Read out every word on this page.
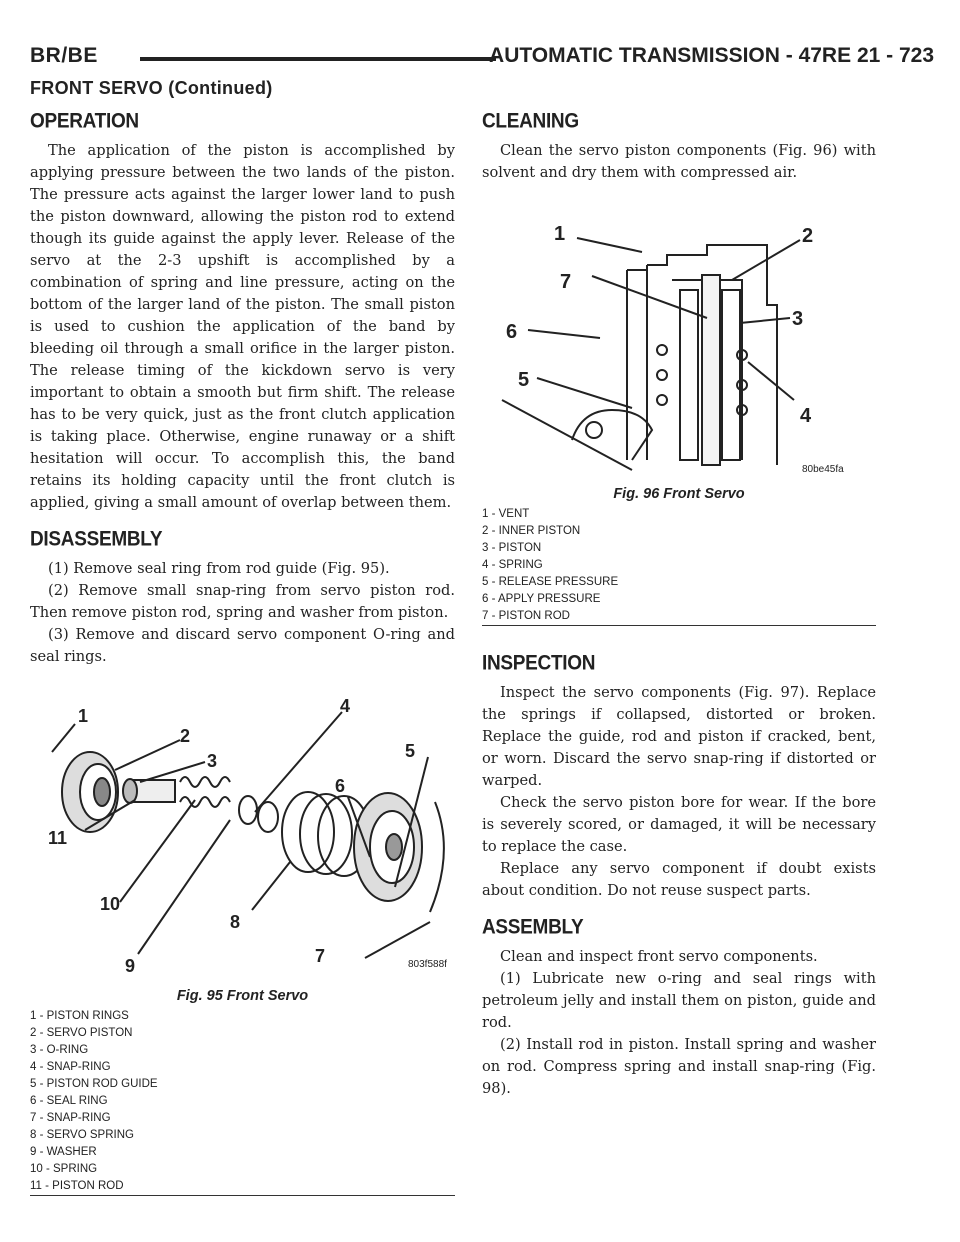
BR/BE	AUTOMATIC TRANSMISSION - 47RE 21 - 723
FRONT SERVO (Continued)
OPERATION

The application of the piston is accomplished by applying pressure between the two lands of the piston. The pressure acts against the larger lower land to push the piston downward, allowing the piston rod to extend though its guide against the apply lever. Release of the servo at the 2-3 upshift is accomplished by a combination of spring and line pressure, acting on the bottom of the larger land of the piston. The small piston is used to cushion the application of the band by bleeding oil through a small orifice in the larger piston. The release timing of the kickdown servo is very important to obtain a smooth but firm shift. The release has to be very quick, just as the front clutch application is taking place. Otherwise, engine runaway or a shift hesitation will occur. To accomplish this, the band retains its holding capacity until the front clutch is applied, giving a small amount of overlap between them.

DISASSEMBLY

(1) Remove seal ring from rod guide (Fig. 95).

(2) Remove small snap-ring from servo piston rod. Then remove piston rod, spring and washer from piston.

(3) Remove and discard servo component O-ring and seal rings.

1
2
3
4
5
6
7
8
9
10
11
803f588f
Fig. 95 Front Servo
1 - PISTON RINGS
2 - SERVO PISTON
3 - O-RING
4 - SNAP-RING
5 - PISTON ROD GUIDE
6 - SEAL RING
7 - SNAP-RING
8 - SERVO SPRING
9 - WASHER
10 - SPRING
11 - PISTON ROD
CLEANING

Clean the servo piston components (Fig. 96) with solvent and dry them with compressed air.

1	2
3
4
5
6
7
80be45fa
Fig. 96 Front Servo
1 - VENT
2 - INNER PISTON
3 - PISTON
4 - SPRING
5 - RELEASE PRESSURE
6 - APPLY PRESSURE
7 - PISTON ROD
INSPECTION

Inspect the servo components (Fig. 97). Replace the springs if collapsed, distorted or broken. Replace the guide, rod and piston if cracked, bent, or worn. Discard the servo snap-ring if distorted or warped.

Check the servo piston bore for wear. If the bore is severely scored, or damaged, it will be necessary to replace the case.

Replace any servo component if doubt exists about condition. Do not reuse suspect parts.

ASSEMBLY

Clean and inspect front servo components.

(1) Lubricate new o-ring and seal rings with petroleum jelly and install them on piston, guide and rod.

(2) Install rod in piston. Install spring and washer on rod. Compress spring and install snap-ring (Fig. 98).
